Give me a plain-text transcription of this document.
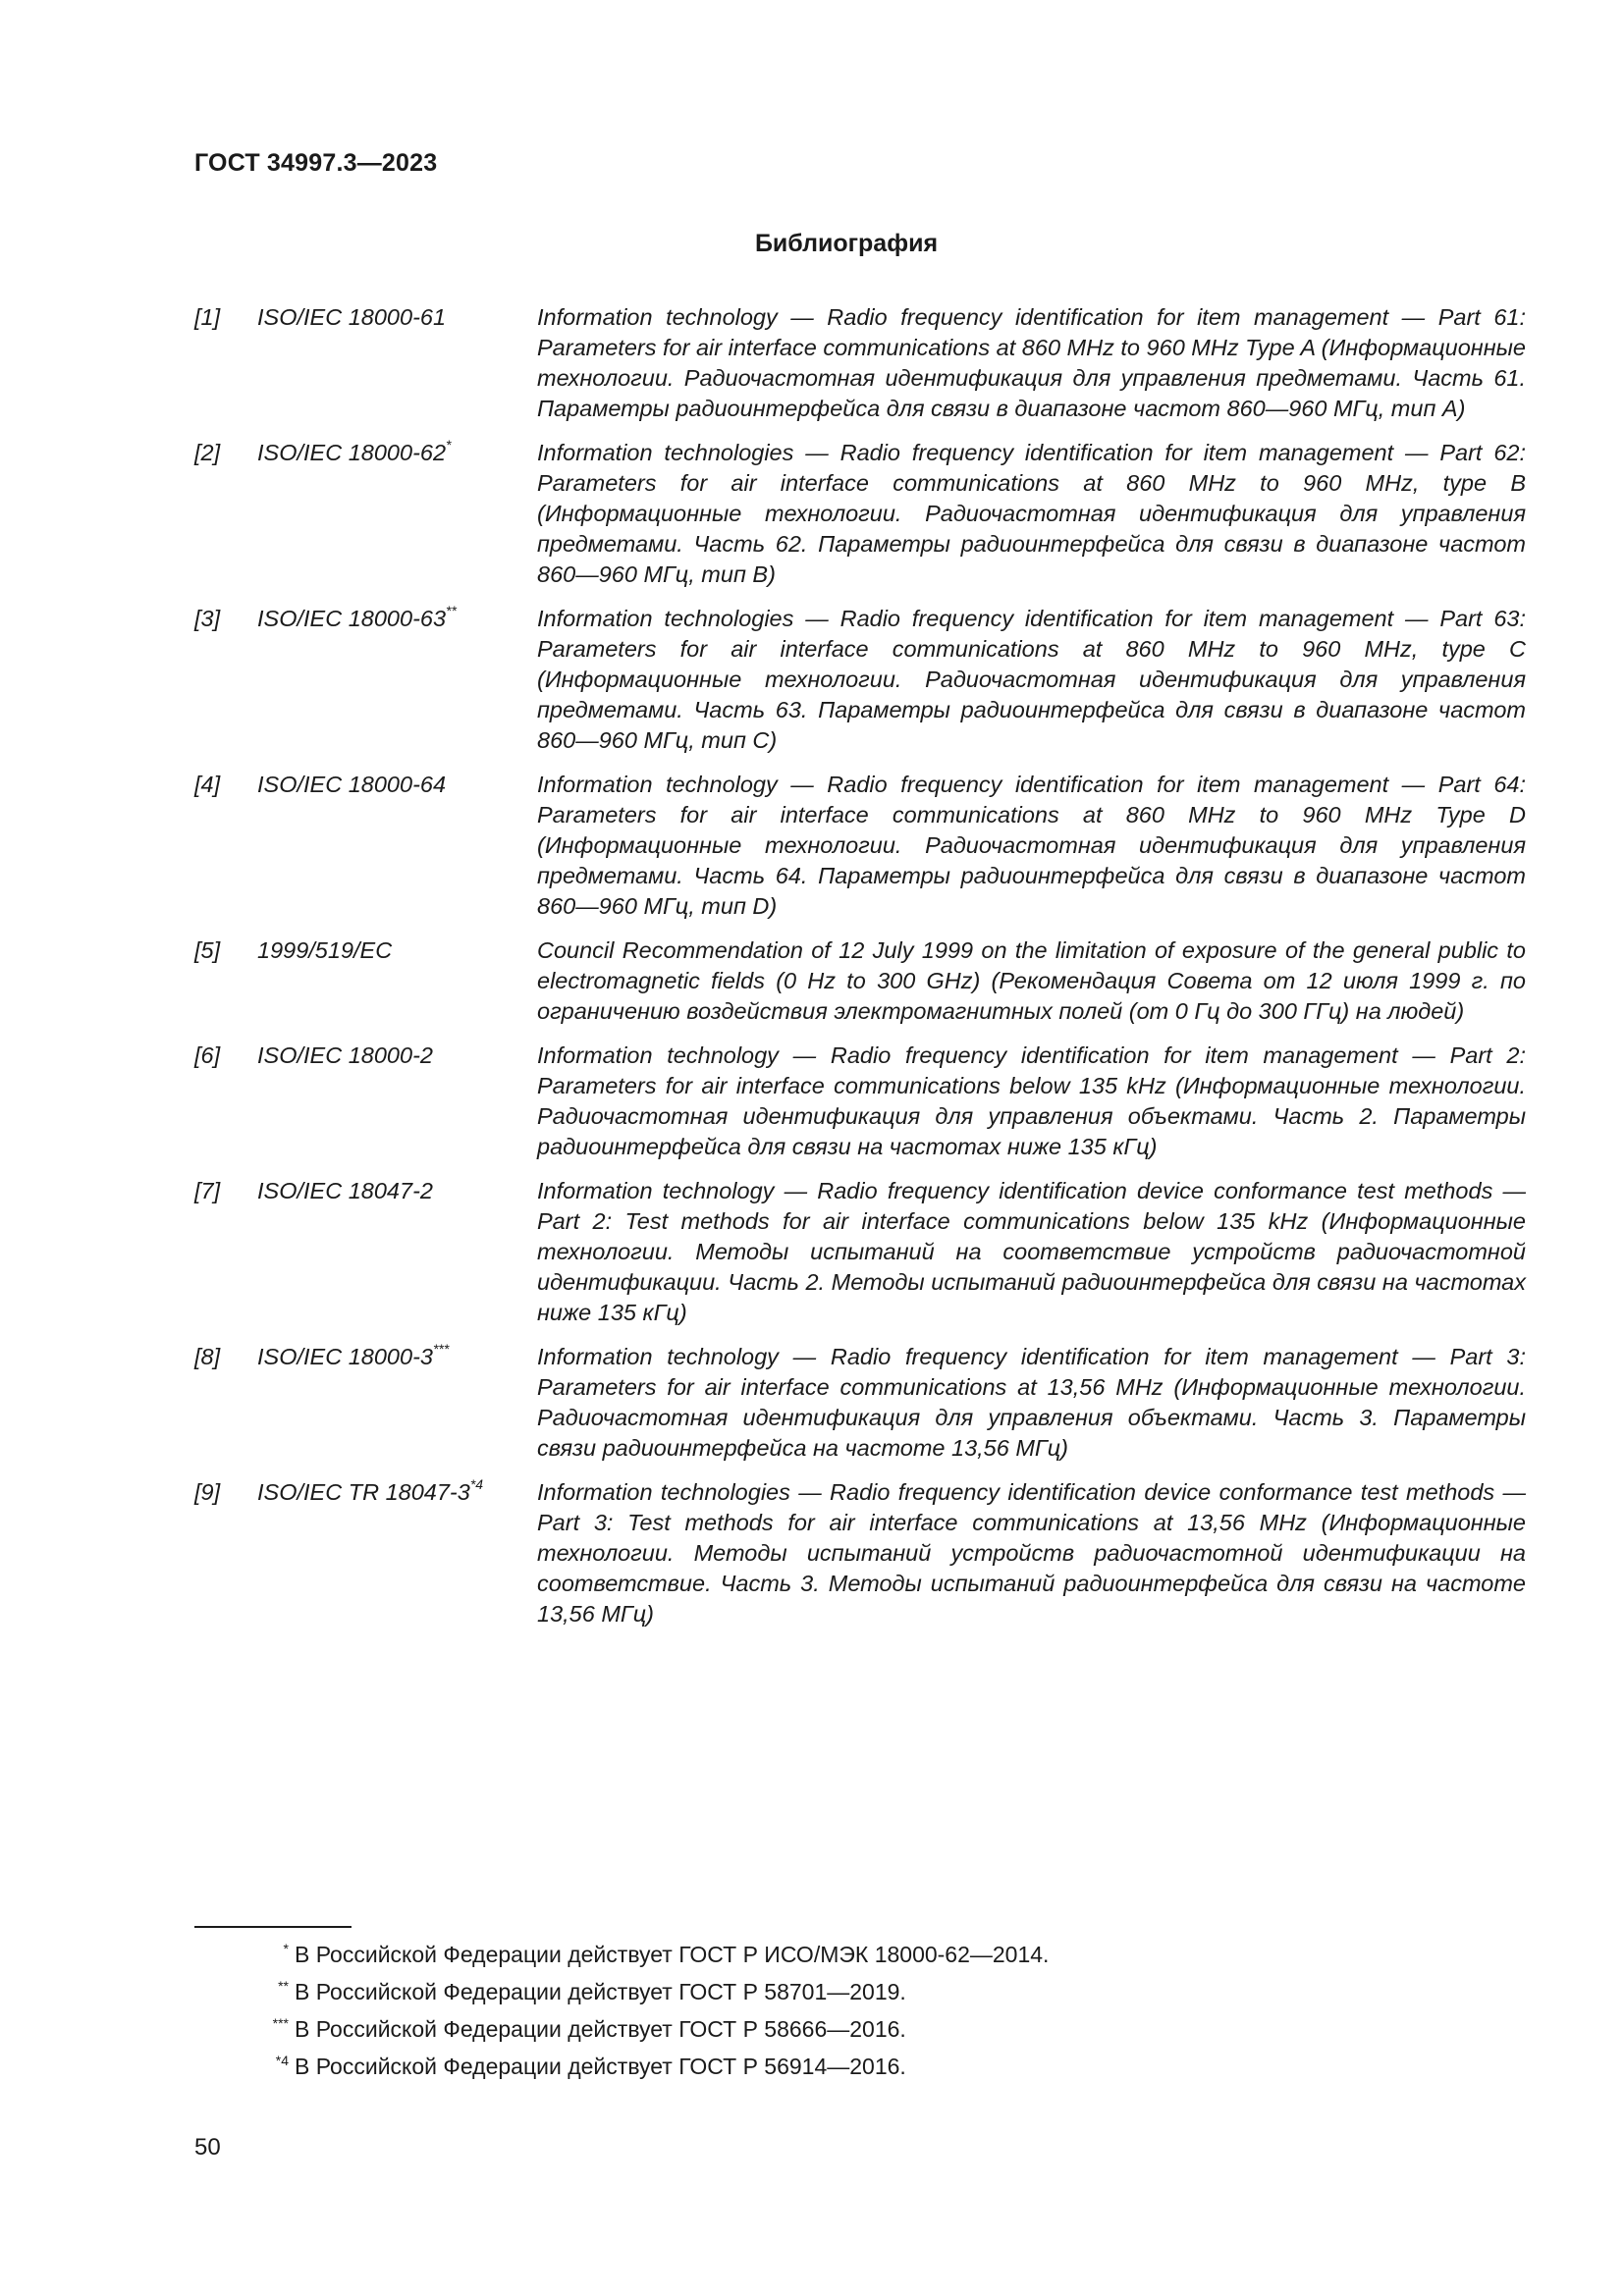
ГОСТ 34997.3—2023
Библиография
[1]	ISO/IEC 18000-61	Information technology — Radio frequency identification for item management — Part 61: Parameters for air interface communications at 860 MHz to 960 MHz Type A (Информационные технологии. Радиочастотная идентификация для управления предметами. Часть 61. Параметры радиоинтерфейса для связи в диапазоне частот 860—960 МГц, тип A)
[2]	ISO/IEC 18000-62*	Information technologies — Radio frequency identification for item management — Part 62: Parameters for air interface communications at 860 MHz to 960 MHz, type B (Информационные технологии. Радиочастотная идентификация для управления предметами. Часть 62. Параметры радиоинтерфейса для связи в диапазоне частот 860—960 МГц, тип B)
[3]	ISO/IEC 18000-63**	Information technologies — Radio frequency identification for item management — Part 63: Parameters for air interface communications at 860 MHz to 960 MHz, type C (Информационные технологии. Радиочастотная идентификация для управления предметами. Часть 63. Параметры радиоинтерфейса для связи в диапазоне частот 860—960 МГц, тип C)
[4]	ISO/IEC 18000-64	Information technology — Radio frequency identification for item management — Part 64: Parameters for air interface communications at 860 MHz to 960 MHz Type D (Информационные технологии. Радиочастотная идентификация для управления предметами. Часть 64. Параметры радиоинтерфейса для связи в диапазоне частот 860—960 МГц, тип D)
[5]	1999/519/EC	Council Recommendation of 12 July 1999 on the limitation of exposure of the general public to electromagnetic fields (0 Hz to 300 GHz) (Рекомендация Совета от 12 июля 1999 г. по ограничению воздействия электромагнитных полей (от 0 Гц до 300 ГГц) на людей)
[6]	ISO/IEC 18000-2	Information technology — Radio frequency identification for item management — Part 2: Parameters for air interface communications below 135 kHz (Информационные технологии. Радиочастотная идентификация для управления объектами. Часть 2. Параметры радиоинтерфейса для связи на частотах ниже 135 кГц)
[7]	ISO/IEC 18047-2	Information technology — Radio frequency identification device conformance test methods — Part 2: Test methods for air interface communications below 135 kHz (Информационные технологии. Методы испытаний на соответствие устройств радиочастотной идентификации. Часть 2. Методы испытаний радиоинтерфейса для связи на частотах ниже 135 кГц)
[8]	ISO/IEC 18000-3***	Information technology — Radio frequency identification for item management — Part 3: Parameters for air interface communications at 13,56 MHz (Информационные технологии. Радиочастотная идентификация для управления объектами. Часть 3. Параметры связи радиоинтерфейса на частоте 13,56 МГц)
[9]	ISO/IEC TR 18047-3$^{*4}$	Information technologies — Radio frequency identification device conformance test methods — Part 3: Test methods for air interface communications at 13,56 MHz (Информационные технологии. Методы испытаний устройств радиочастотной идентификации на соответствие. Часть 3. Методы испытаний радиоинтерфейса для связи на частоте 13,56 МГц)
* В Российской Федерации действует ГОСТ Р ИСО/МЭК 18000-62—2014.
** В Российской Федерации действует ГОСТ Р 58701—2019.
*** В Российской Федерации действует ГОСТ Р 58666—2016.
*4 В Российской Федерации действует ГОСТ Р 56914—2016.
50
